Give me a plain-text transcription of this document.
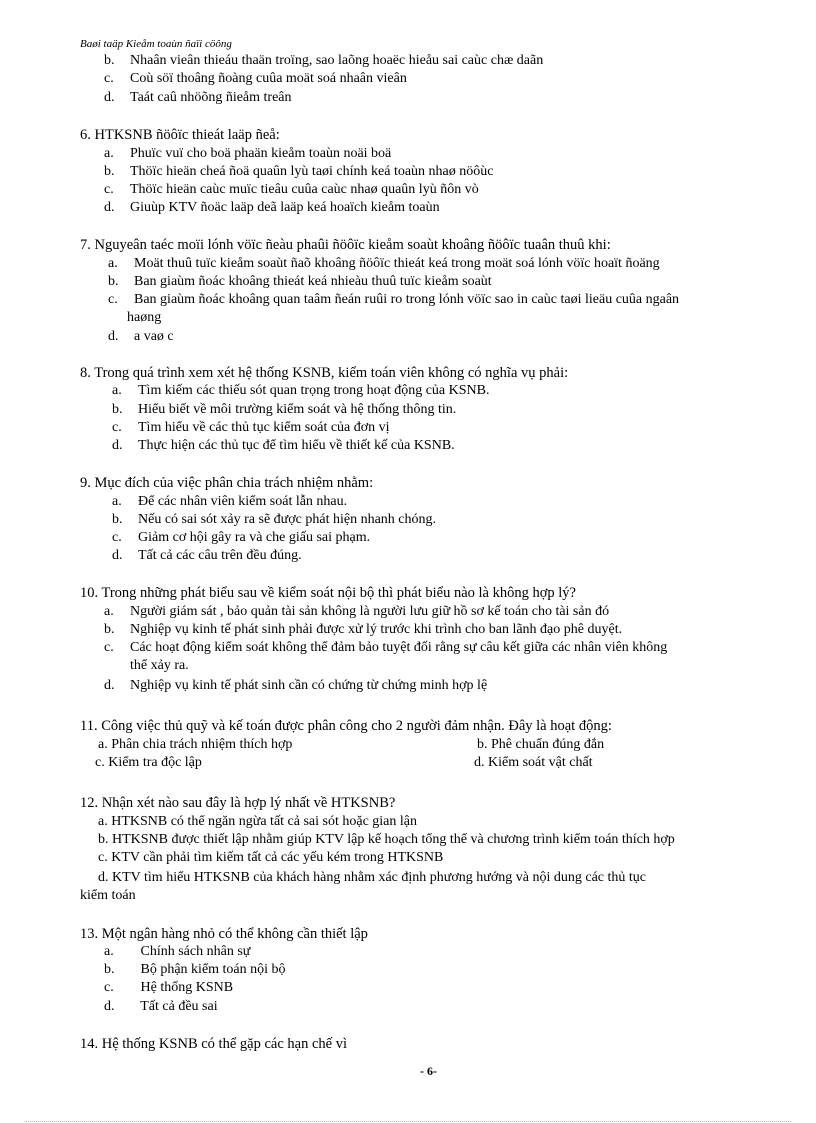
Baøi taäp Kieåm toaùn ñaïi cöông
b. Nhaân vieân thieáu thaän troïng, sao laõng hoaëc hieåu sai caùc chæ daãn
c. Coù söï thoâng ñoàng cuûa moät soá nhaân vieân
d. Taát caû nhöõng ñieåm treân
6. HTKSNB ñöôïc thieát laäp ñeå:
a. Phuïc vuï cho boä phaän kieåm toaùn noäi boä
b. Thöïc hieän cheá ñoä quaûn lyù taøi chính keá toaùn nhaø nöôùc
c. Thöïc hieän caùc muïc tieâu cuûa caùc nhaø quaûn lyù ñôn vò
d. Giuùp KTV ñoäc laäp deã laäp keá hoaïch kieåm toaùn
7. Nguyeân taéc moïi lónh vöïc ñeàu phaûi ñöôïc kieåm soaùt khoâng ñöôïc tuaân thuû khi:
a. Moät thuû tuïc kieåm soaùt ñaõ khoâng ñöôïc thieát keá trong moät soá lónh vöïc hoaït ñoäng
b. Ban giaùm ñoác khoâng thieát keá nhieàu thuû tuïc kieåm soaùt
c. Ban giaùm ñoác khoâng quan taâm ñeán ruûi ro trong lónh vöïc sao in caùc taøi lieäu cuûa ngaân
haøng
d. a vaø c
8. Trong quá trình xem xét hệ thống KSNB, kiểm toán viên không có nghĩa vụ phải:
a. Tìm kiếm các thiếu sót quan trọng trong hoạt động của KSNB.
b. Hiểu biết về môi trường kiểm soát và hệ thống thông tin.
c. Tìm hiểu về các thủ tục kiểm soát của đơn vị
d. Thực hiện các thủ tục để tìm hiểu về thiết kế của KSNB.
9. Mục đích của việc phân chia trách nhiệm nhằm:
a. Để các nhân viên kiểm soát lẫn nhau.
b. Nếu có sai sót xảy ra sẽ được phát hiện nhanh chóng.
c. Giảm cơ hội gây ra và che giấu sai phạm.
d. Tất cả các câu trên đều đúng.
10. Trong những phát biểu sau về kiểm soát nội bộ thì phát biểu nào là không hợp lý?
a. Người giám sát , bảo quản tài sản không là người lưu giữ hồ sơ kế toán cho tài sản đó
b. Nghiệp vụ kinh tế phát sinh phải được xử lý trước khi trình cho ban lãnh đạo phê duyệt.
c. Các hoạt động kiểm soát không thể đảm bảo tuyệt đối rằng sự câu kết giữa các nhân viên không
thể xảy ra.
d. Nghiệp vụ kinh tế phát sinh cần có chứng từ chứng minh hợp lệ
11. Công việc thủ quỹ và kế toán được phân công cho 2 người đảm nhận. Đây là hoạt động:
a. Phân chia trách nhiệm thích hợp	b. Phê chuẩn đúng đắn
c. Kiểm tra độc lập	d. Kiểm soát vật chất
12. Nhận xét nào sau đây là hợp lý nhất về HTKSNB?
a. HTKSNB có thể ngăn ngừa tất cả sai sót hoặc gian lận
b. HTKSNB được thiết lập nhằm giúp KTV lập kế hoạch tổng thể và chương trình kiểm toán thích hợp
c. KTV cần phải tìm kiếm tất cả các yếu kém trong HTKSNB
d. KTV tìm hiểu HTKSNB của khách hàng nhằm xác định phương hướng và nội dung các thủ tục
kiểm toán
13. Một ngân hàng nhỏ có thể không cần thiết lập
a.   Chính sách nhân sự
b.   Bộ phận kiểm toán nội bộ
c.   Hệ thống KSNB
d.   Tất cả đều sai
14. Hệ thống KSNB có thể gặp các hạn chế vì
- 6-
